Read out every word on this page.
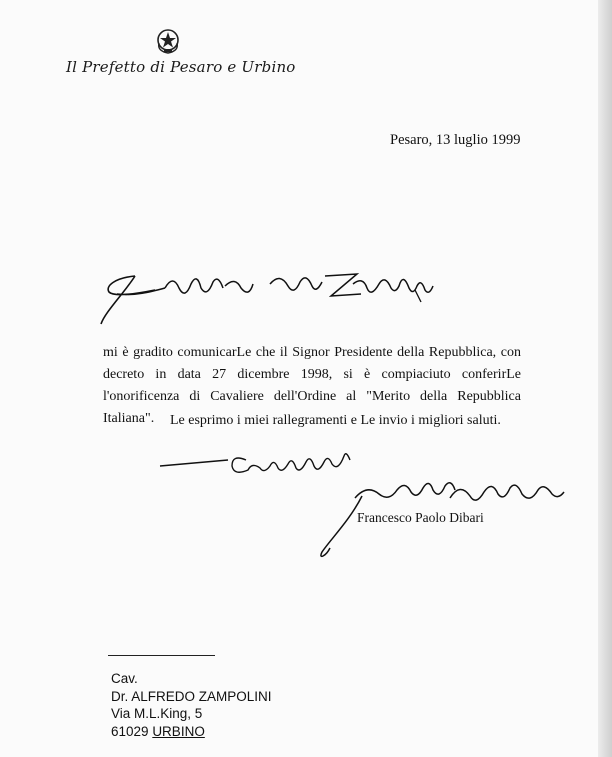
Il Prefetto di Pesaro e Urbino
Pesaro, 13 luglio 1999

mi è gradito comunicarLe che il Signor Presidente della Repubblica, con decreto in data 27 dicembre 1998, si è compiaciuto conferirLe l'onorificenza di Cavaliere dell'Ordine al "Merito della Repubblica Italiana".	Le esprimo i miei rallegramenti e Le invio i migliori saluti.
Francesco Paolo Dibari
Cav.
Dr. ALFREDO ZAMPOLINI
Via M.L.King, 5
61029 URBINO
